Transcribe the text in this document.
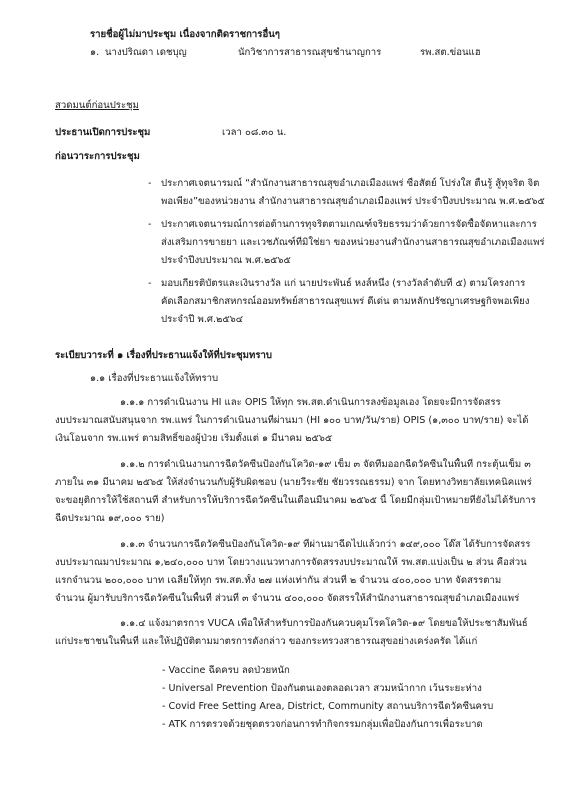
รายชื่อผู้ไม่มาประชุม เนื่องจากติดราชการอื่นๆ
๑. นางปริณดา เดชบุญ	นักวิชาการสาธารณสุขชำนาญการ	รพ.สต.ข่อนแฮ
สวดมนต์ก่อนประชุม
ประธานเปิดการประชุม	เวลา ๐๘.๓๐ น.
ก่อนวาระการประชุม
- ประกาศเจตนารมณ์ “สำนักงานสาธารณสุขอำเภอเมืองแพร่ ซื่อสัตย์ โปร่งใส ตื่นรู้ สู้ทุจริต จิต
พอเพียง”ของหน่วยงาน สำนักงานสาธารณสุขอำเภอเมืองแพร่ ประจำปีงบประมาณ พ.ศ.๒๕๖๕
- ประกาศเจตนารมณ์การต่อต้านการทุจริตตามเกณฑ์จริยธรรมว่าด้วยการจัดซื้อจัดหาและการ
ส่งเสริมการขายยา และเวชภัณฑ์ที่มิใช่ยา ของหน่วยงานสำนักงานสาธารณสุขอำเภอเมืองแพร่
ประจำปีงบประมาณ พ.ศ.๒๕๖๕
- มอบเกียรติบัตรและเงินรางวัล แก่ นายประพันธ์ หงส์หนึ่ง (รางวัลลำดับที่ ๕) ตามโครงการ
คัดเลือกสมาชิกสหกรณ์ออมทรัพย์สาธารณสุขแพร่ ดีเด่น ตามหลักปรัชญาเศรษฐกิจพอเพียง
ประจำปี พ.ศ.๒๕๖๔
ระเบียบวาระที่ ๑ เรื่องที่ประธานแจ้งให้ที่ประชุมทราบ
๑.๑ เรื่องที่ประธานแจ้งให้ทราบ
๑.๑.๑ การดำเนินงาน HI และ OPIS ให้ทุก รพ.สต.ดำเนินการลงข้อมูลเอง โดยจะมีการจัดสรร
งบประมาณสนับสนุนจาก รพ.แพร่ ในการดำเนินงานที่ผ่านมา (HI ๑๐๐ บาท/วัน/ราย) OPIS (๑,๓๐๐ บาท/ราย) จะได้
เงินโอนจาก รพ.แพร่ ตามสิทธิ์ของผู้ป่วย เริ่มตั้งแต่ ๑ มีนาคม ๒๕๖๕
๑.๑.๒ การดำเนินงานการฉีดวัคซีนป้องกันโควิด-๑๙ เข็ม ๓ จัดทีมออกฉีดวัคซีนในพื้นที่ กระตุ้นเข็ม ๓
ภายใน ๓๑ มีนาคม ๒๕๖๕ ให้ส่งจำนวนกับผู้รับผิดชอบ (นายวีระชัย ชัยวรรณธรรม) จาก โดยทางวิทยาลัยเทคนิคแพร่
จะขอยุติการให้ใช้สถานที่ สำหรับการให้บริการฉีดวัคซีนในเดือนมีนาคม ๒๕๖๕ นี้ โดยมีกลุ่มเป้าหมายที่ยังไม่ได้รับการ
ฉีดประมาณ ๑๙,๐๐๐ ราย)
๑.๑.๓ จำนวนการฉีดวัคซีนป้องกันโควิด-๑๙ ที่ผ่านมาฉีดไปแล้วกว่า ๑๔๙,๐๐๐ โด๊ส ได้รับการจัดสรร
งบประมาณมาประมาณ ๑,๒๔๐,๐๐๐ บาท โดยวางแนวทางการจัดสรรงบประมาณให้ รพ.สต.แบ่งเป็น ๒ ส่วน คือส่วน
แรกจำนวน ๒๐๐,๐๐๐ บาท เฉลี่ยให้ทุก รพ.สต.ทั้ง ๒๗ แห่งเท่ากัน ส่วนที่ ๒ จำนวน ๔๐๐,๐๐๐ บาท จัดสรรตาม
จำนวน ผู้มารับบริการฉีดวัคซีนในพื้นที่ ส่วนที่ ๓ จำนวน ๔๐๐,๐๐๐ จัดสรรให้สำนักงานสาธารณสุขอำเภอเมืองแพร่
๑.๑.๔ แจ้งมาตรการ VUCA เพื่อให้สำหรับการป้องกันควบคุมโรคโควิด-๑๙ โดยขอให้ประชาสัมพันธ์
แก่ประชาชนในพื้นที่ และให้ปฏิบัติตามมาตรการดังกล่าว ของกระทรวงสาธารณสุขอย่างเคร่งครัด ได้แก่
- Vaccine ฉีดครบ ลดป่วยหนัก
- Universal Prevention ป้องกันตนเองตลอดเวลา สวมหน้ากาก เว้นระยะห่าง
- Covid Free Setting Area, District, Community สถานบริการฉีดวัคซีนครบ
- ATK การตรวจด้วยชุดตรวจก่อนการทำกิจกรรมกลุ่มเพื่อป้องกันการเพื่อระบาด
